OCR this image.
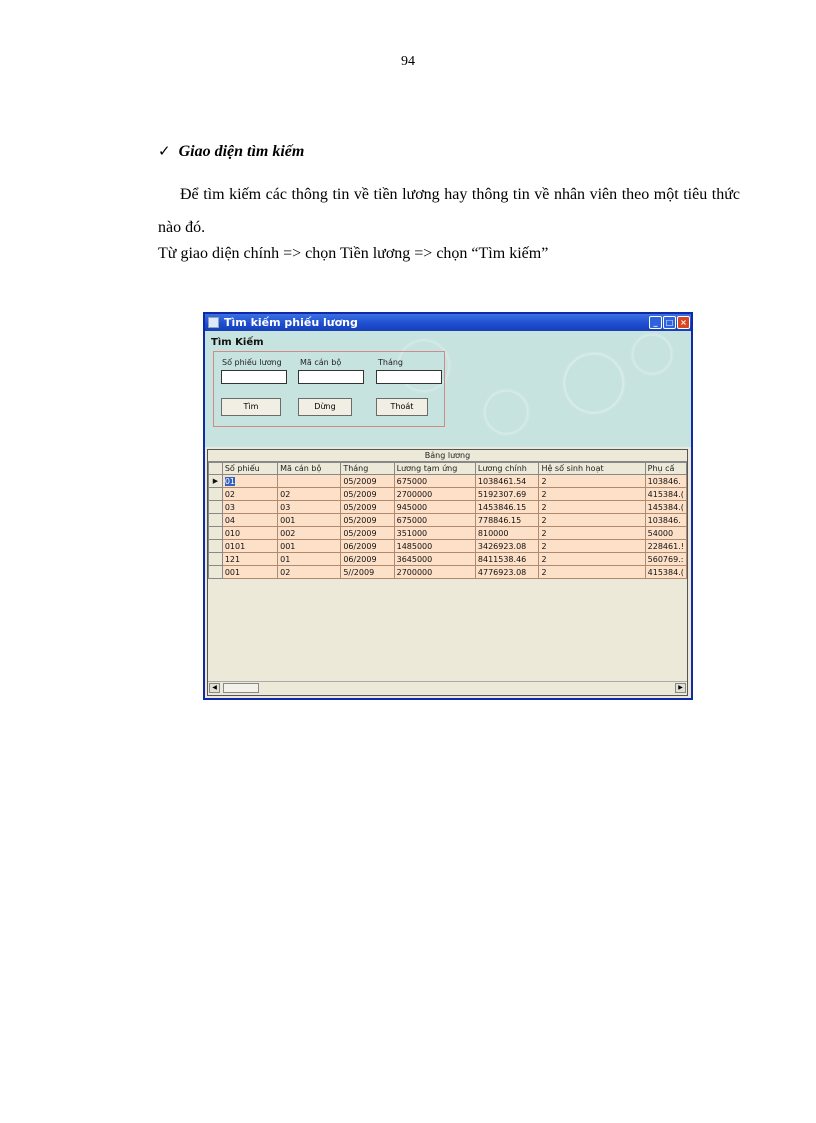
94
✓ Giao diện tìm kiếm
Để tìm kiếm các thông tin về tiền lương hay thông tin về nhân viên theo một tiêu thức nào đó.
Từ giao diện chính => chọn Tiền lương => chọn “Tìm kiếm”
Tìm kiếm phiếu lương	_	□ ×
Tìm Kiếm
Số phiếu lương Mã cán bộ	Tháng
Tìm	Dừng	Thoát
Bảng lương
	Số phiếu	Mã cán bộ	Tháng	Lương tạm ứng	Lương chính	Hệ số sinh hoạt	Phụ cấ
▶	01		05/2009	675000	1038461.54	2	103846.
	02	02	05/2009	2700000	5192307.69	2	415384.(
	03	03	05/2009	945000	1453846.15	2	145384.(
	04	001	05/2009	675000	778846.15	2	103846.
	010	002	05/2009	351000	810000	2	54000
	0101	001	06/2009	1485000	3426923.08	2	228461.!
	121	01	06/2009	3645000	8411538.46	2	560769.:
	001	02	5//2009	2700000	4776923.08	2	415384.(
◀	▶
